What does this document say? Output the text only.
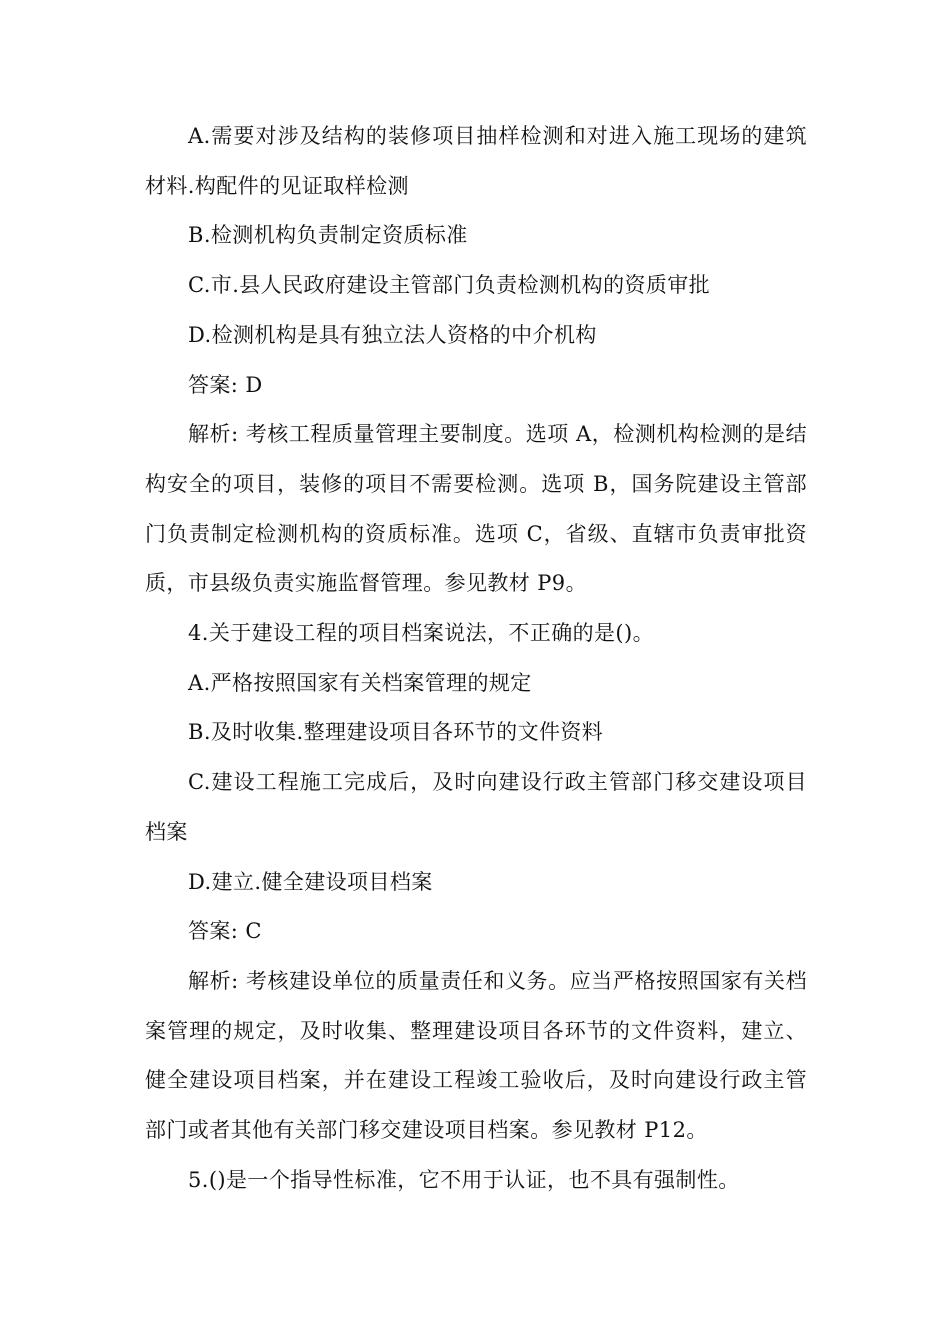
A.需要对涉及结构的装修项目抽样检测和对进入施工现场的建筑材料.构配件的见证取样检测

B.检测机构负责制定资质标准

C.市.县人民政府建设主管部门负责检测机构的资质审批

D.检测机构是具有独立法人资格的中介机构

答案: D

解析: 考核工程质量管理主要制度。选项 A，检测机构检测的是结构安全的项目，装修的项目不需要检测。选项 B，国务院建设主管部门负责制定检测机构的资质标准。选项 C，省级、直辖市负责审批资质，市县级负责实施监督管理。参见教材 P9。

4.关于建设工程的项目档案说法，不正确的是()。

A.严格按照国家有关档案管理的规定

B.及时收集.整理建设项目各环节的文件资料

C.建设工程施工完成后，及时向建设行政主管部门移交建设项目档案

D.建立.健全建设项目档案

答案: C

解析: 考核建设单位的质量责任和义务。应当严格按照国家有关档案管理的规定，及时收集、整理建设项目各环节的文件资料，建立、健全建设项目档案，并在建设工程竣工验收后，及时向建设行政主管部门或者其他有关部门移交建设项目档案。参见教材 P12。

5.()是一个指导性标准，它不用于认证，也不具有强制性。
